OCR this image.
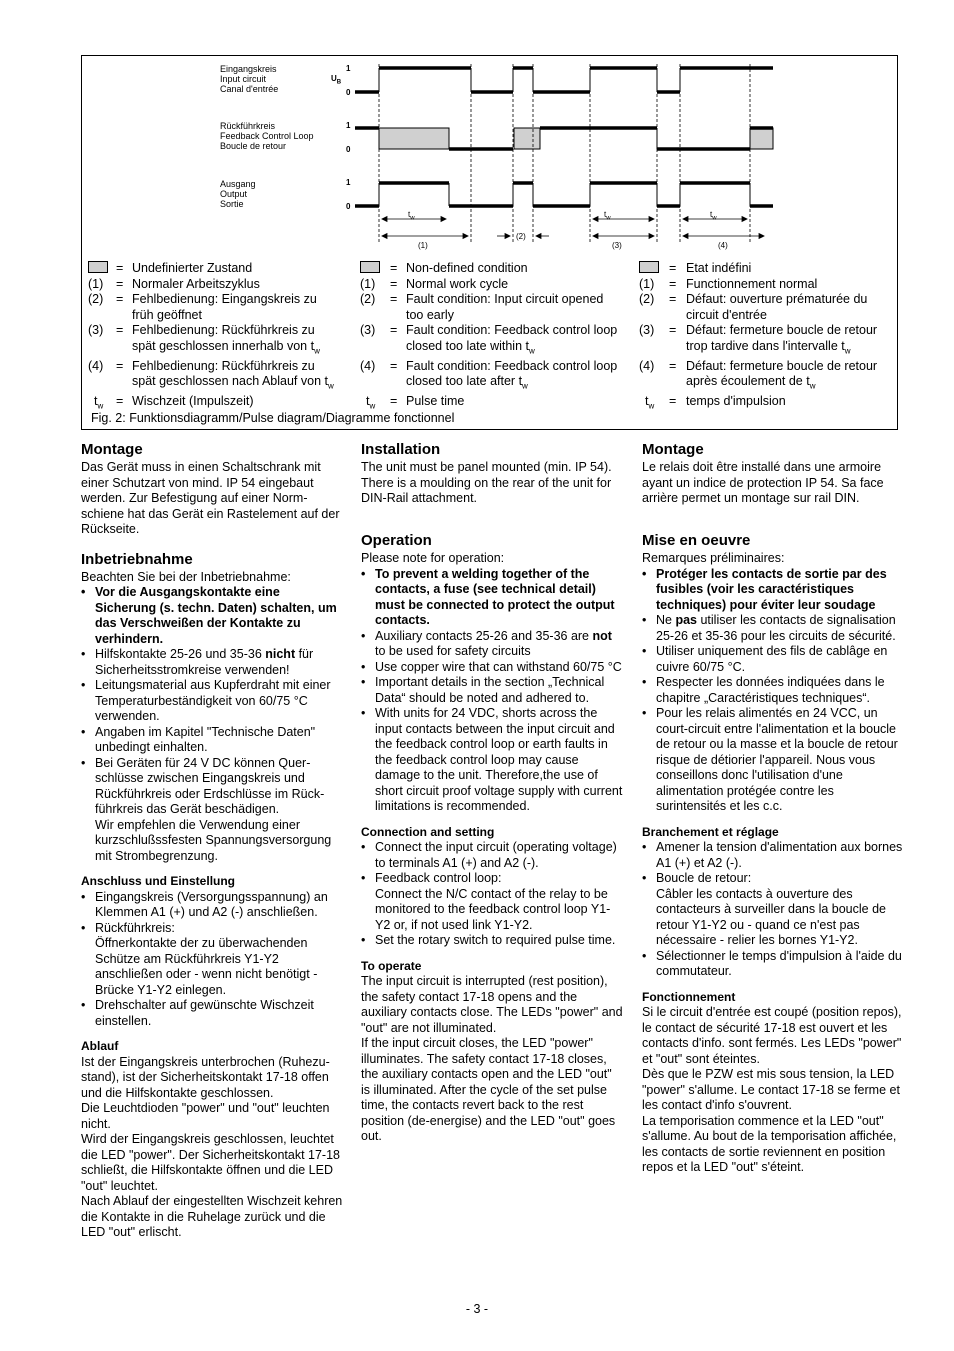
Eingangskreis
Input circuit
Canal d'entrée
$U_B$
Rückführkreis
Feedback Control Loop
Boucle de retour
Ausgang
Output
Sortie
1
0
1
0
1
0
$t_w$	$t_w$	$t_w$
(1)
(2)
(3)	(4)
= Undefinierter Zustand
(1) = Normaler Arbeitszyklus
(2) = Fehlbedienung: Eingangskreis zu früh geöffnet
(3) = Fehlbedienung: Rückführkreis zu spät geschlossen innerhalb von $t_w$
(4) = Fehlbedienung: Rückführkreis zu spät geschlossen nach Ablauf von $t_w$
$t_w$ = Wischzeit (Impulszeit)
= Non-defined condition
(1) = Normal work cycle
(2) = Fault condition: Input circuit opened too early
(3) = Fault condition: Feedback control loop closed too late within $t_w$
(4) = Fault condition: Feedback control loop closed too late after $t_w$
$t_w$ = Pulse time
= Etat indéfini
(1) = Functionnement normal
(2) = Défaut: ouverture prématurée du circuit d'entrée
(3) = Défaut: fermeture boucle de retour trop tardive dans l'intervalle $t_w$
(4) = Défaut: fermeture boucle de retour après écoulement de $t_w$
$t_w$ = temps d'impulsion
Fig. 2: Funktionsdiagramm/Pulse diagram/Diagramme fonctionnel
Montage

Das Gerät muss in einen Schaltschrank mit einer Schutzart von mind. IP 54 eingebaut werden. Zur Befestigung auf einer Norm-schiene hat das Gerät ein Rastelement auf der Rückseite.

Inbetriebnahme

Beachten Sie bei der Inbetriebnahme:

• Vor die Ausgangskontakte eine Sicherung (s. techn. Daten) schalten, um das Verschweißen der Kontakte zu verhindern.
• Hilfskontakte 25-26 und 35-36 nicht für Sicherheitsstromkreise verwenden!
• Leitungsmaterial aus Kupferdraht mit einer Temperaturbeständigkeit von 60/75 °C verwenden.
• Angaben im Kapitel "Technische Daten" unbedingt einhalten.
• Bei Geräten für 24 V DC können Quer-schlüsse zwischen Eingangskreis und Rückführkreis oder Erdschlüsse im Rück-führkreis das Gerät beschädigen.
Wir empfehlen die Verwendung einer kurzschlußssfesten Spannungsversorgung mit Strombegrenzung.
Anschluss und Einstellung
• Eingangskreis (Versorgungsspannung) an Klemmen A1 (+) und A2 (-) anschließen.
• Rückführkreis:
Öffnerkontakte der zu überwachenden Schütze am Rückführkreis Y1-Y2 anschließen oder - wenn nicht benötigt - Brücke Y1-Y2 einlegen.
• Drehschalter auf gewünschte Wischzeit einstellen.
Ablauf

Ist der Eingangskreis unterbrochen (Ruhezu-stand), ist der Sicherheitskontakt 17-18 offen und die Hilfskontakte geschlossen.

Die Leuchtdioden "power" und "out" leuchten nicht.

Wird der Eingangskreis geschlossen, leuchtet die LED "power". Der Sicherheitskontakt 17-18 schließt, die Hilfskontakte öffnen und die LED "out" leuchtet.

Nach Ablauf der eingestellten Wischzeit kehren die Kontakte in die Ruhelage zurück und die LED "out" erlischt.

Installation

The unit must be panel mounted (min. IP 54). There is a moulding on the rear of the unit for DIN-Rail attachment.

Operation

Please note for operation:

• To prevent a welding together of the contacts, a fuse (see technical detail) must be connected to protect the output contacts.
• Auxiliary contacts 25-26 and 35-36 are not to be used for safety circuits
• Use copper wire that can withstand 60/75 °C
• Important details in the section „Technical Data“ should be noted and adhered to.
• With units for 24 VDC, shorts across the input contacts between the input circuit and the feedback control loop or earth faults in the feedback control loop may cause damage to the unit. Therefore,the use of short circuit proof voltage supply with current limitations is recommended.
Connection and setting
• Connect the input circuit (operating voltage) to terminals A1 (+) and A2 (-).
• Feedback control loop:
Connect the N/C contact of the relay to be monitored to the feedback control loop Y1-Y2 or, if not used link Y1-Y2.
• Set the rotary switch to required pulse time.
To operate

The input circuit is interrupted (rest position), the safety contact 17-18 opens and the auxiliary contacts close. The LEDs "power" and "out" are not illuminated.

If the input circuit closes, the LED "power" illuminates. The safety contact 17-18 closes, the auxiliary contacts open and the LED "out" is illuminated. After the cycle of the set pulse time, the contacts revert back to the rest position (de-energise) and the LED "out" goes out.

Montage

Le relais doit être installé dans une armoire ayant un indice de protection IP 54. Sa face arrière permet un montage sur rail DIN.

Mise en oeuvre

Remarques préliminaires:

• Protéger les contacts de sortie par des fusibles (voir les caractéristiques techniques) pour éviter leur soudage
• Ne pas utiliser les contacts de signalisation 25-26 et 35-36 pour les circuits de sécurité.
• Utiliser uniquement des fils de cablâge en cuivre 60/75 °C.
• Respecter les données indiquées dans le chapitre „Caractéristiques techniques“.
• Pour les relais alimentés en 24 VCC, un court-circuit entre l'alimentation et la boucle de retour ou la masse et la boucle de retour risque de détiorier l'appareil. Nous vous conseillons donc l'utilisation d'une alimentation protégée contre les surintensités et les c.c.
Branchement et réglage
• Amener la tension d'alimentation aux bornes A1 (+) et A2 (-).
• Boucle de retour:
Câbler les contacts à ouverture des contacteurs à surveiller dans la boucle de retour Y1-Y2 ou - quand ce n'est pas nécessaire - relier les bornes Y1-Y2.
• Sélectionner le temps d'impulsion à l'aide du commutateur.
Fonctionnement

Si le circuit d'entrée est coupé (position repos), le contact de sécurité 17-18 est ouvert et les contacts d'info. sont fermés. Les LEDs "power" et "out" sont éteintes.

Dès que le PZW est mis sous tension, la LED "power" s'allume. Le contact 17-18 se ferme et les contact d'info s'ouvrent.

La temporisation commence et la LED "out" s'allume. Au bout de la temporisation affichée, les contacts de sortie reviennent en position repos et la LED "out" s'éteint.

- 3 -
